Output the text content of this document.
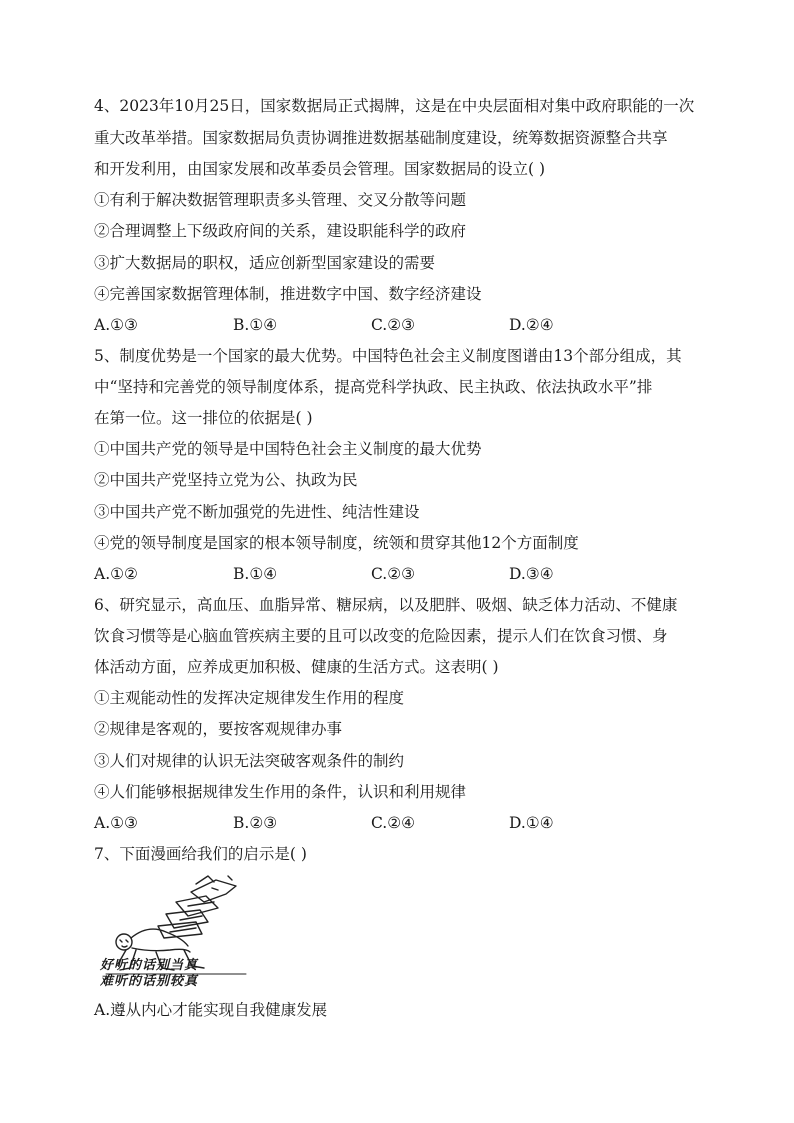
4、2023年10月25日，国家数据局正式揭牌，这是在中央层面相对集中政府职能的一次
重大改革举措。国家数据局负责协调推进数据基础制度建设，统筹数据资源整合共享
和开发利用，由国家发展和改革委员会管理。国家数据局的设立( )
①有利于解决数据管理职责多头管理、交叉分散等问题
②合理调整上下级政府间的关系，建设职能科学的政府
③扩大数据局的职权，适应创新型国家建设的需要
④完善国家数据管理体制，推进数字中国、数字经济建设
A.①③	B.①④	C.②③	D.②④
5、制度优势是一个国家的最大优势。中国特色社会主义制度图谱由13个部分组成，其
中“坚持和完善党的领导制度体系，提高党科学执政、民主执政、依法执政水平”排
在第一位。这一排位的依据是( )
①中国共产党的领导是中国特色社会主义制度的最大优势
②中国共产党坚持立党为公、执政为民
③中国共产党不断加强党的先进性、纯洁性建设
④党的领导制度是国家的根本领导制度，统领和贯穿其他12个方面制度
A.①②	B.①④	C.②③	D.③④
6、研究显示，高血压、血脂异常、糖尿病，以及肥胖、吸烟、缺乏体力活动、不健康
饮食习惯等是心脑血管疾病主要的且可以改变的危险因素，提示人们在饮食习惯、身
体活动方面，应养成更加积极、健康的生活方式。这表明( )
①主观能动性的发挥决定规律发生作用的程度
②规律是客观的，要按客观规律办事
③人们对规律的认识无法突破客观条件的制约
④人们能够根据规律发生作用的条件，认识和利用规律
A.①③	B.②③	C.②④	D.①④
7、下面漫画给我们的启示是( )
好听的话别当真
难听的话别较真
A.遵从内心才能实现自我健康发展
